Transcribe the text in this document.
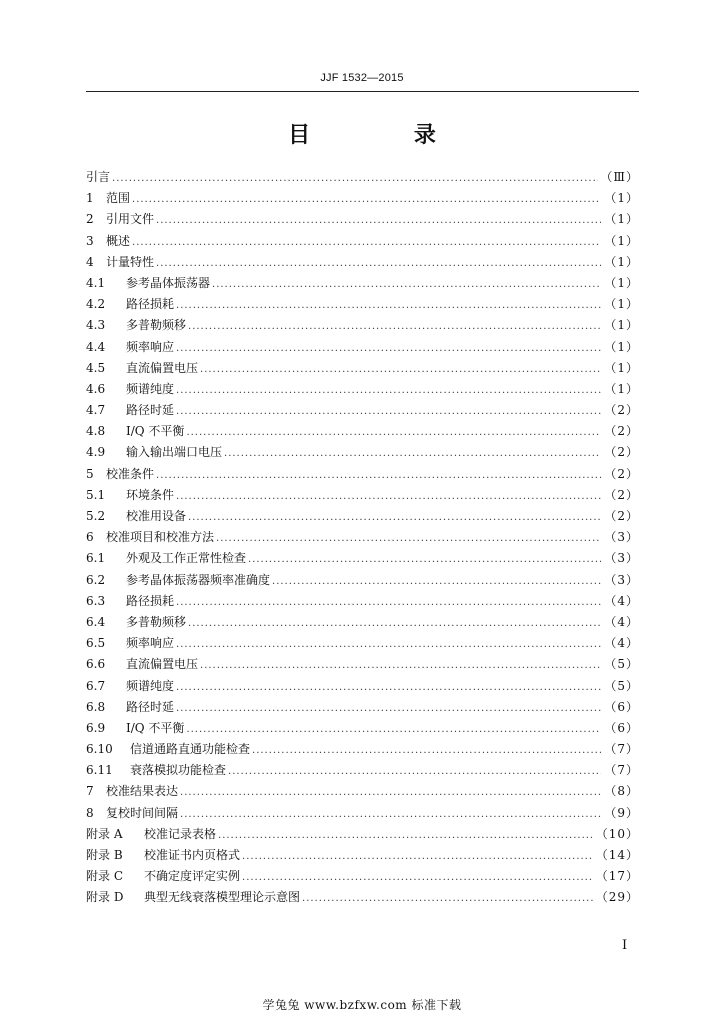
JJF 1532—2015
目 录
引言 .....	（Ⅲ）
1	范围 .....	（1）
2	引用文件 .....	（1）
3	概述 .....	（1）
4	计量特性 .....	（1）
4.1	参考晶体振荡器 .....	（1）
4.2	路径损耗 .....	（1）
4.3	多普勒频移 .....	（1）
4.4	频率响应 .....	（1）
4.5	直流偏置电压 .....	（1）
4.6	频谱纯度 .....	（1）
4.7	路径时延 .....	（2）
4.8	I/Q 不平衡 .....	（2）
4.9	输入输出端口电压 .....	（2）
5	校准条件 .....	（2）
5.1	环境条件 .....	（2）
5.2	校准用设备 .....	（2）
6	校准项目和校准方法 .....	（3）
6.1	外观及工作正常性检查 .....	（3）
6.2	参考晶体振荡器频率准确度 .....	（3）
6.3	路径损耗 .....	（4）
6.4	多普勒频移 .....	（4）
6.5	频率响应 .....	（4）
6.6	直流偏置电压 .....	（5）
6.7	频谱纯度 .....	（5）
6.8	路径时延 .....	（6）
6.9	I/Q 不平衡 .....	（6）
6.10	信道通路直通功能检查 .....	（7）
6.11	衰落模拟功能检查 .....	（7）
7	校准结果表达 .....	（8）
8	复校时间间隔 .....	（9）
附录 A	校准记录表格 .....	（10）
附录 B	校准证书内页格式 .....	（14）
附录 C	不确定度评定实例 .....	（17）
附录 D	典型无线衰落模型理论示意图 .....	（29）
I
学兔兔 www.bzfxw.com 标准下载
